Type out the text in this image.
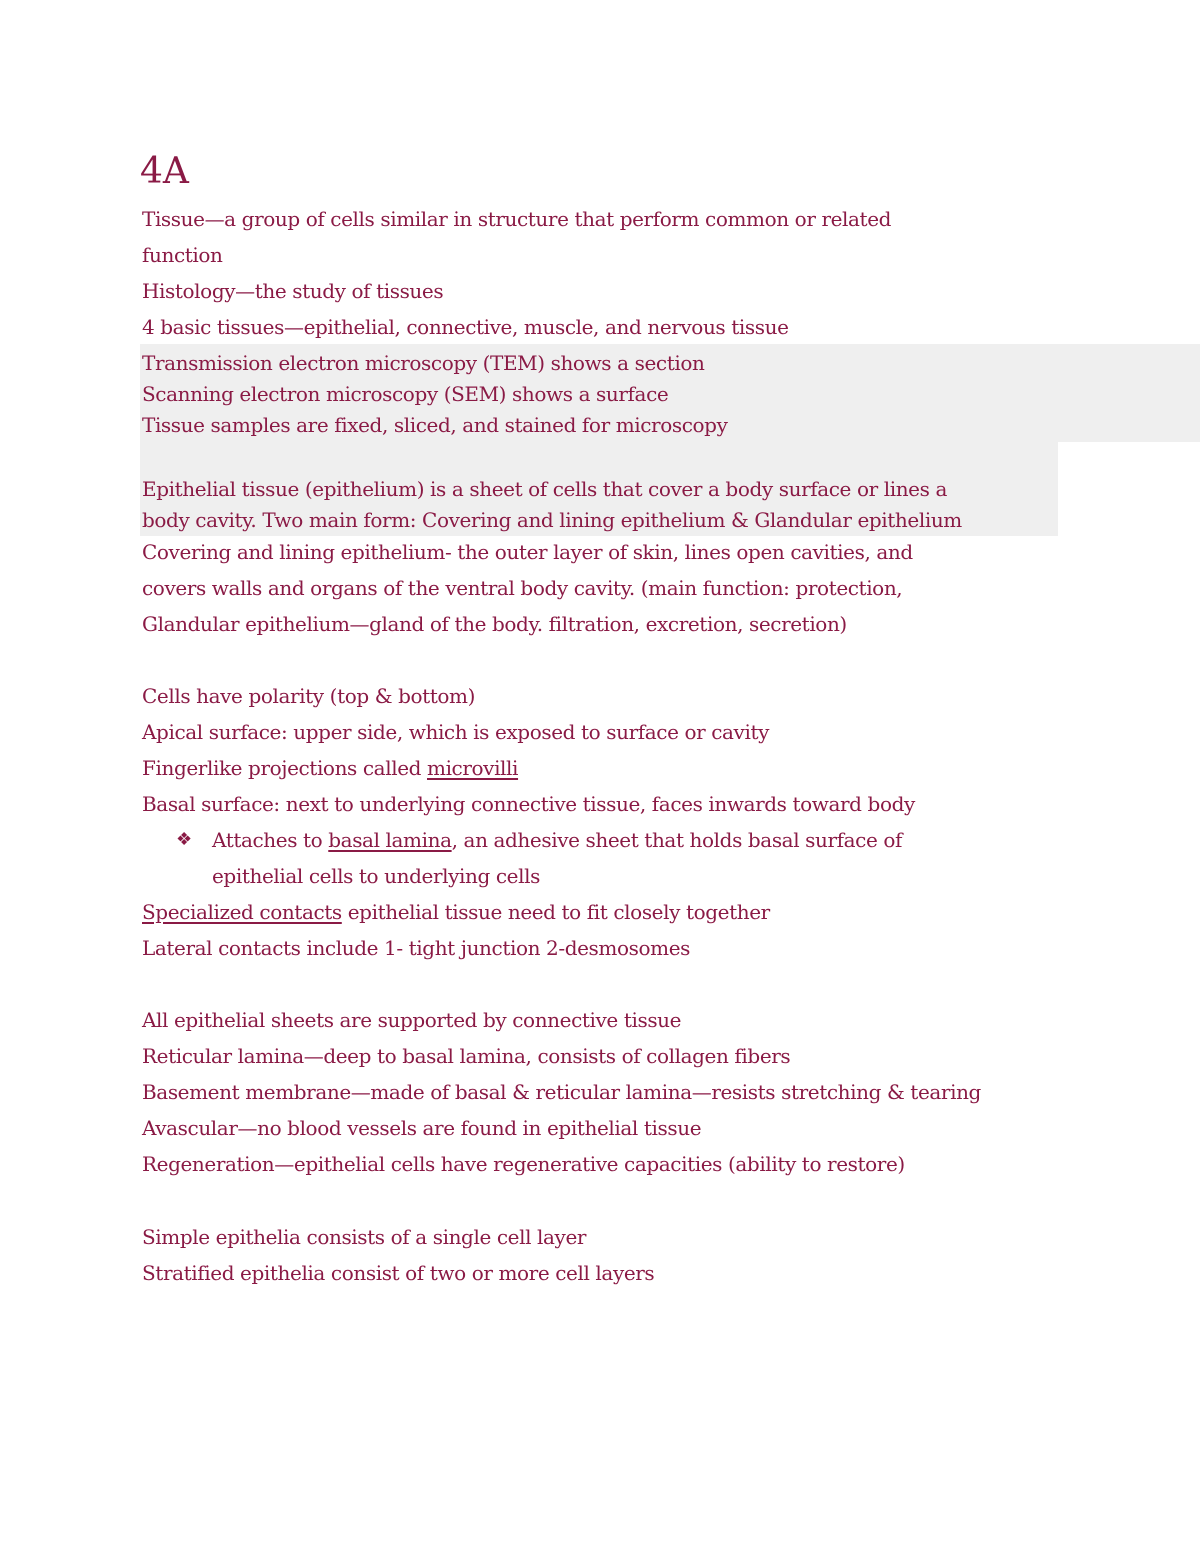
4A
Tissue—a group of cells similar in structure that perform common or related
function
Histology—the study of tissues
4 basic tissues—epithelial, connective, muscle, and nervous tissue
Transmission electron microscopy (TEM) shows a section
Scanning electron microscopy (SEM) shows a surface
Tissue samples are fixed, sliced, and stained for microscopy
Epithelial tissue (epithelium) is a sheet of cells that cover a body surface or lines a
body cavity. Two main form: Covering and lining epithelium & Glandular epithelium
Covering and lining epithelium- the outer layer of skin, lines open cavities, and
covers walls and organs of the ventral body cavity. (main function: protection,
Glandular epithelium—gland of the body. filtration, excretion, secretion)
Cells have polarity (top & bottom)
Apical surface: upper side, which is exposed to surface or cavity
Fingerlike projections called microvilli
Basal surface: next to underlying connective tissue, faces inwards toward body
❖ Attaches to basal lamina, an adhesive sheet that holds basal surface of
epithelial cells to underlying cells
Specialized contacts epithelial tissue need to fit closely together
Lateral contacts include 1- tight junction 2-desmosomes
All epithelial sheets are supported by connective tissue
Reticular lamina—deep to basal lamina, consists of collagen fibers
Basement membrane—made of basal & reticular lamina—resists stretching & tearing
Avascular—no blood vessels are found in epithelial tissue
Regeneration—epithelial cells have regenerative capacities (ability to restore)
Simple epithelia consists of a single cell layer
Stratified epithelia consist of two or more cell layers
